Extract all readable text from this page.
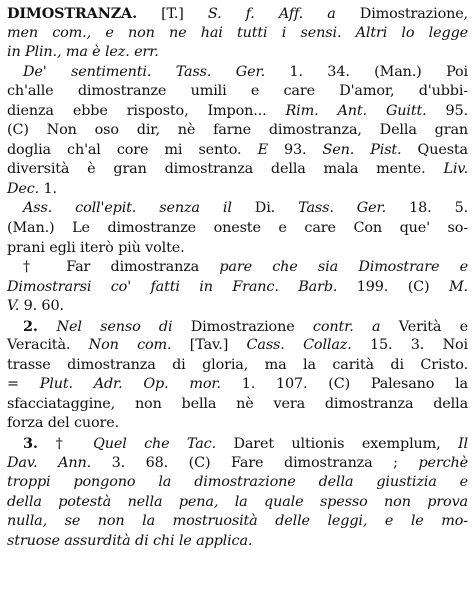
DIMOSTRANZA. [T.] S. f. Aff. a Dimostrazione,
men com., e non ne hai tutti i sensi. Altri lo legge
in Plin., ma è lez. err.
De' sentimenti. Tass. Ger. 1. 34. (Man.) Poi
ch'alle dimostranze umili e care D'amor, d'ubbi-
dienza ebbe risposto, Impon... Rim. Ant. Guitt. 95.
(C) Non oso dir, nè farne dimostranza, Della gran
doglia ch'al core mi sento. E 93. Sen. Pist. Questa
diversità è gran dimostranza della mala mente. Liv.
Dec. 1.
Ass. coll'epit. senza il Di. Tass. Ger. 18. 5.
(Man.) Le dimostranze oneste e care Con que' so-
prani egli iterò più volte.
† Far dimostranza pare che sia Dimostrare e
Dimostrarsi co' fatti in Franc. Barb. 199. (C) M.
V. 9. 60.
2. Nel senso di Dimostrazione contr. a Verità e
Veracità. Non com. [Tav.] Cass. Collaz. 15. 3. Noi
trasse dimostranza di gloria, ma la carità di Cristo.
= Plut. Adr. Op. mor. 1. 107. (C) Palesano la
sfacciataggine, non bella nè vera dimostranza della
forza del cuore.
3. † Quel che Tac. Daret ultionis exemplum, Il
Dav. Ann. 3. 68. (C) Fare dimostranza ; perchè
troppi pongono la dimostrazione della giustizia e
della potestà nella pena, la quale spesso non prova
nulla, se non la mostruosità delle leggi, e le mo-
struose assurdità di chi le applica.
